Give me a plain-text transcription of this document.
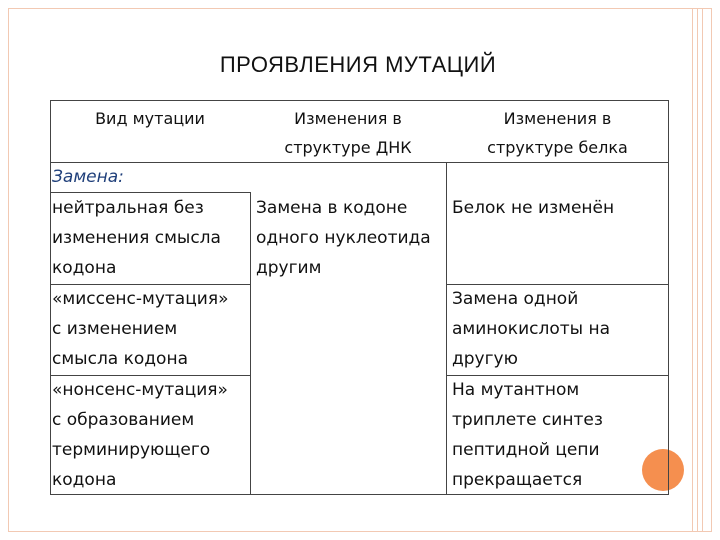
ПРОЯВЛЕНИЯ МУТАЦИЙ
Вид мутации	Изменения в
структуре ДНК
Изменения в
структуре белка
Замена:
нейтральная без
изменения смысла
кодона
«миссенс-мутация»
с изменением
смысла кодона
«нонсенс-мутация»
с образованием
терминирующего
кодона
Замена в кодоне
одного нуклеотида
другим
Белок не изменён
Замена одной
аминокислоты на
другую
На мутантном
триплете синтез
пептидной цепи
прекращается
